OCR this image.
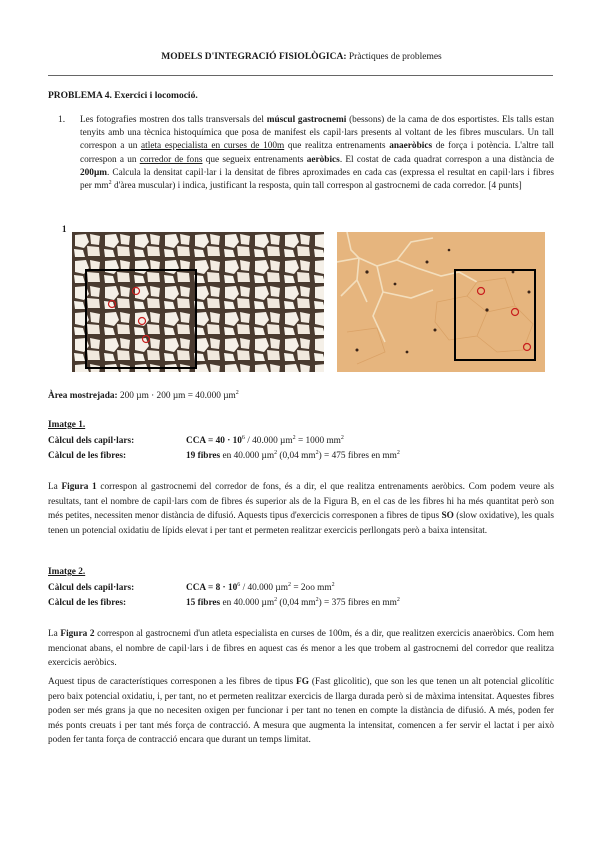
MODELS D'INTEGRACIÓ FISIOLÒGICA: Pràctiques de problemes
PROBLEMA 4. Exercici i locomoció.
1. Les fotografies mostren dos talls transversals del múscul gastrocnemi (bessons) de la cama de dos esportistes. Els talls estan tenyits amb una tècnica histoquímica que posa de manifest els capil·lars presents al voltant de les fibres musculars. Un tall correspon a un atleta especialista en curses de 100m que realitza entrenaments anaeròbics de força i potència. L'altre tall correspon a un corredor de fons que segueix entrenaments aeròbics. El costat de cada quadrat correspon a una distància de 200µm. Calcula la densitat capil·lar i la densitat de fibres aproximades en cada cas (expressa el resultat en capil·lars i fibres per $mm^2$ d'àrea muscular) i indica, justificant la resposta, quin tall correspon al gastrocnemi de cada corredor. [4 punts]
1
Àrea mostrejada: 200 µm · 200 µm = 40.000 µm$^2$
Imatge 1.
Càlcul dels capil·lars:	CCA = $40 \cdot 10^6 / 40.000$ µm$^2$ = 1000 $mm^2$
Càlcul de les fibres:	19 fibres en 40.000 µm$^2$ (0,04 $mm^2) = 475$ fibres en $mm^2$
La Figura 1 correspon al gastrocnemi del corredor de fons, és a dir, el que realitza entrenaments aeròbics. Com podem veure als resultats, tant el nombre de capil·lars com de fibres és superior als de la Figura B, en el cas de les fibres hi ha més quantitat però son més petites, necessiten menor distància de difusió. Aquests tipus d'exercicis corresponen a fibres de tipus SO (slow oxidative), les quals tenen un potencial oxidatiu de lípids elevat i per tant et permeten realitzar exercicis perllongats però a baixa intensitat.
Imatge 2.
Càlcul dels capil·lars:	CCA = $8 \cdot 10^6 / 40.000$ µm$^2$ = 2oo $mm^2$
Càlcul de les fibres:	15 fibres en 40.000 µm$^2$ (0,04 $mm^2) = 375$ fibres en $mm^2$
La Figura 2 correspon al gastrocnemi d'un atleta especialista en curses de 100m, és a dir, que realitzen exercicis anaeròbics. Com hem mencionat abans, el nombre de capil·lars i de fibres en aquest cas és menor a les que trobem al gastrocnemi del corredor que realitza exercicis aeròbics.
Aquest tipus de característiques corresponen a les fibres de tipus FG (Fast glicolitic), que son les que tenen un alt potencial glicolític pero baix potencial oxidatiu, i, per tant, no et permeten realitzar exercicis de llarga durada però si de màxima intensitat. Aquestes fibres poden ser més grans ja que no necesiten oxigen per funcionar i per tant no tenen en compte la distància de difusió. A més, poden fer més ponts creuats i per tant més força de contracció. A mesura que augmenta la intensitat, comencen a fer servir el lactat i per això poden fer tanta força de contracció encara que durant un temps limitat.
